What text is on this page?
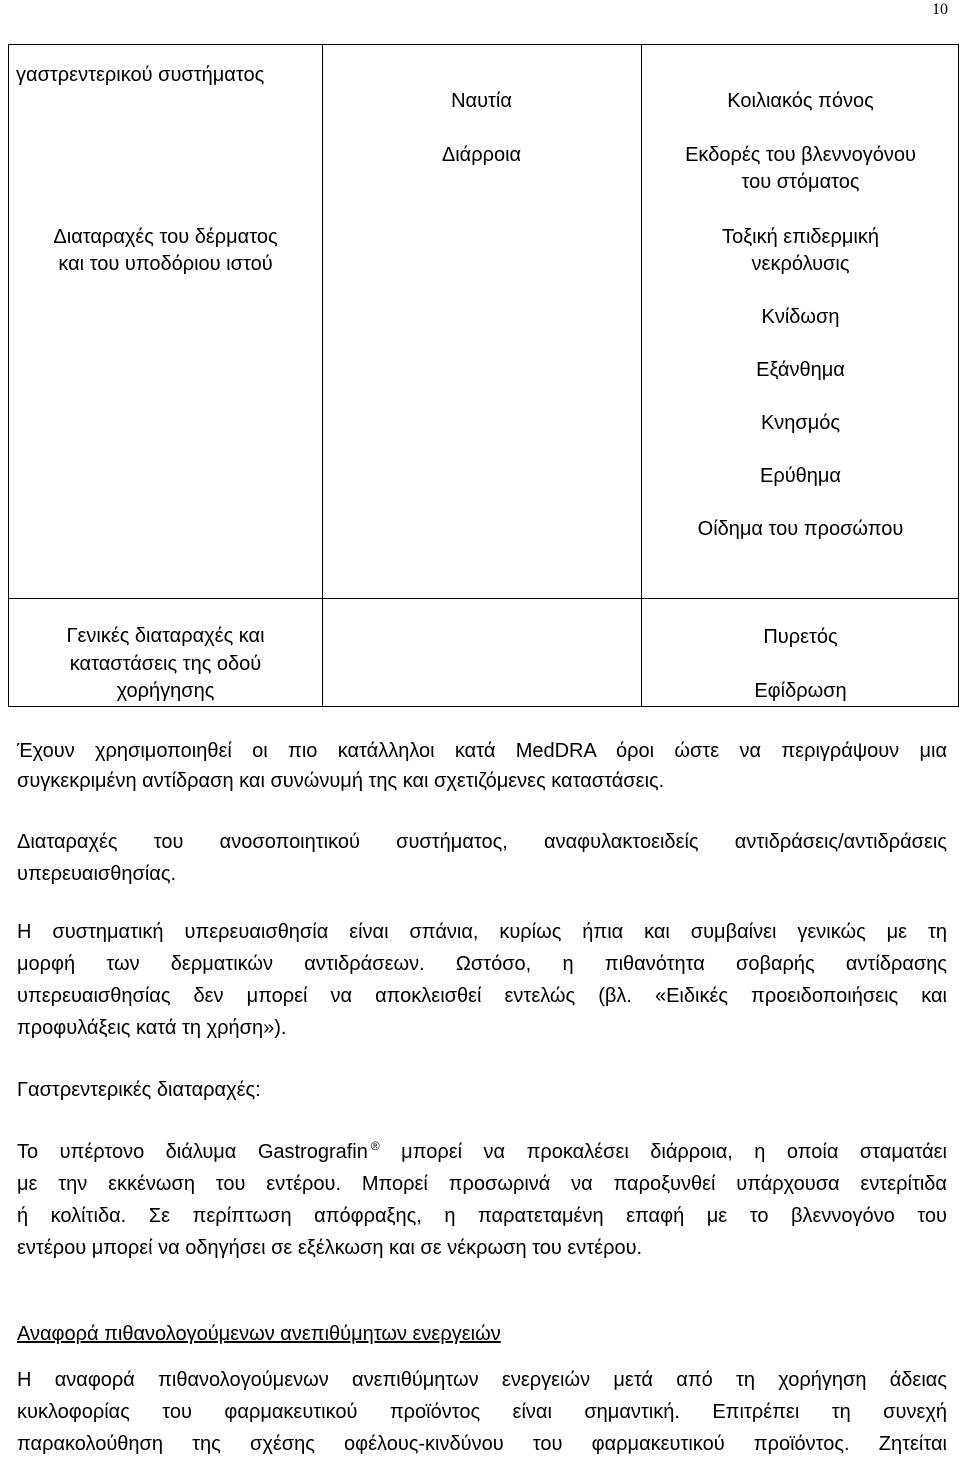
10
γαστρεντερικού συστήματος
Ναυτία
Διάρροια
Κοιλιακός πόνος
Εκδορές του βλεννογόνου
του στόματος
Διαταραχές του δέρματος
και του υποδόριου ιστού
Τοξική επιδερμική
νεκρόλυσις
Κνίδωση
Εξάνθημα
Κνησμός
Ερύθημα
Οίδημα του προσώπου
Γενικές διαταραχές και
καταστάσεις της οδού
χορήγησης
Πυρετός
Εφίδρωση

Έχουν χρησιμοποιηθεί οι πιο κατάλληλοι κατά MedDRA όροι ώστε να περιγράψουν μια
συγκεκριμένη αντίδραση και συνώνυμή της και σχετιζόμενες καταστάσεις.

Διαταραχές του ανοσοποιητικού συστήματος, αναφυλακτοειδείς αντιδράσεις/αντιδράσεις
υπερευαισθησίας.

Η συστηματική υπερευαισθησία είναι σπάνια, κυρίως ήπια και συμβαίνει γενικώς με τη
μορφή των δερματικών αντιδράσεων. Ωστόσο, η πιθανότητα σοβαρής αντίδρασης
υπερευαισθησίας δεν μπορεί να αποκλεισθεί εντελώς (βλ. «Ειδικές προειδοποιήσεις και
προφυλάξεις κατά τη χρήση»).

Γαστρεντερικές διαταραχές:

Το υπέρτονο διάλυμα Gastrografin ® μπορεί να προκαλέσει διάρροια, η οποία σταματάει
με την εκκένωση του εντέρου. Μπορεί προσωρινά να παροξυνθεί υπάρχουσα εντερίτιδα
ή κολίτιδα. Σε περίπτωση απόφραξης, η παρατεταμένη επαφή με το βλεννογόνο του
εντέρου μπορεί να οδηγήσει σε εξέλκωση και σε νέκρωση του εντέρου.

Αναφορά πιθανολογούμενων ανεπιθύμητων ενεργειών

Η αναφορά πιθανολογούμενων ανεπιθύμητων ενεργειών μετά από τη χορήγηση άδειας
κυκλοφορίας του φαρμακευτικού προϊόντος είναι σημαντική. Επιτρέπει τη συνεχή
παρακολούθηση της σχέσης οφέλους-κινδύνου του φαρμακευτικού προϊόντος. Ζητείται
